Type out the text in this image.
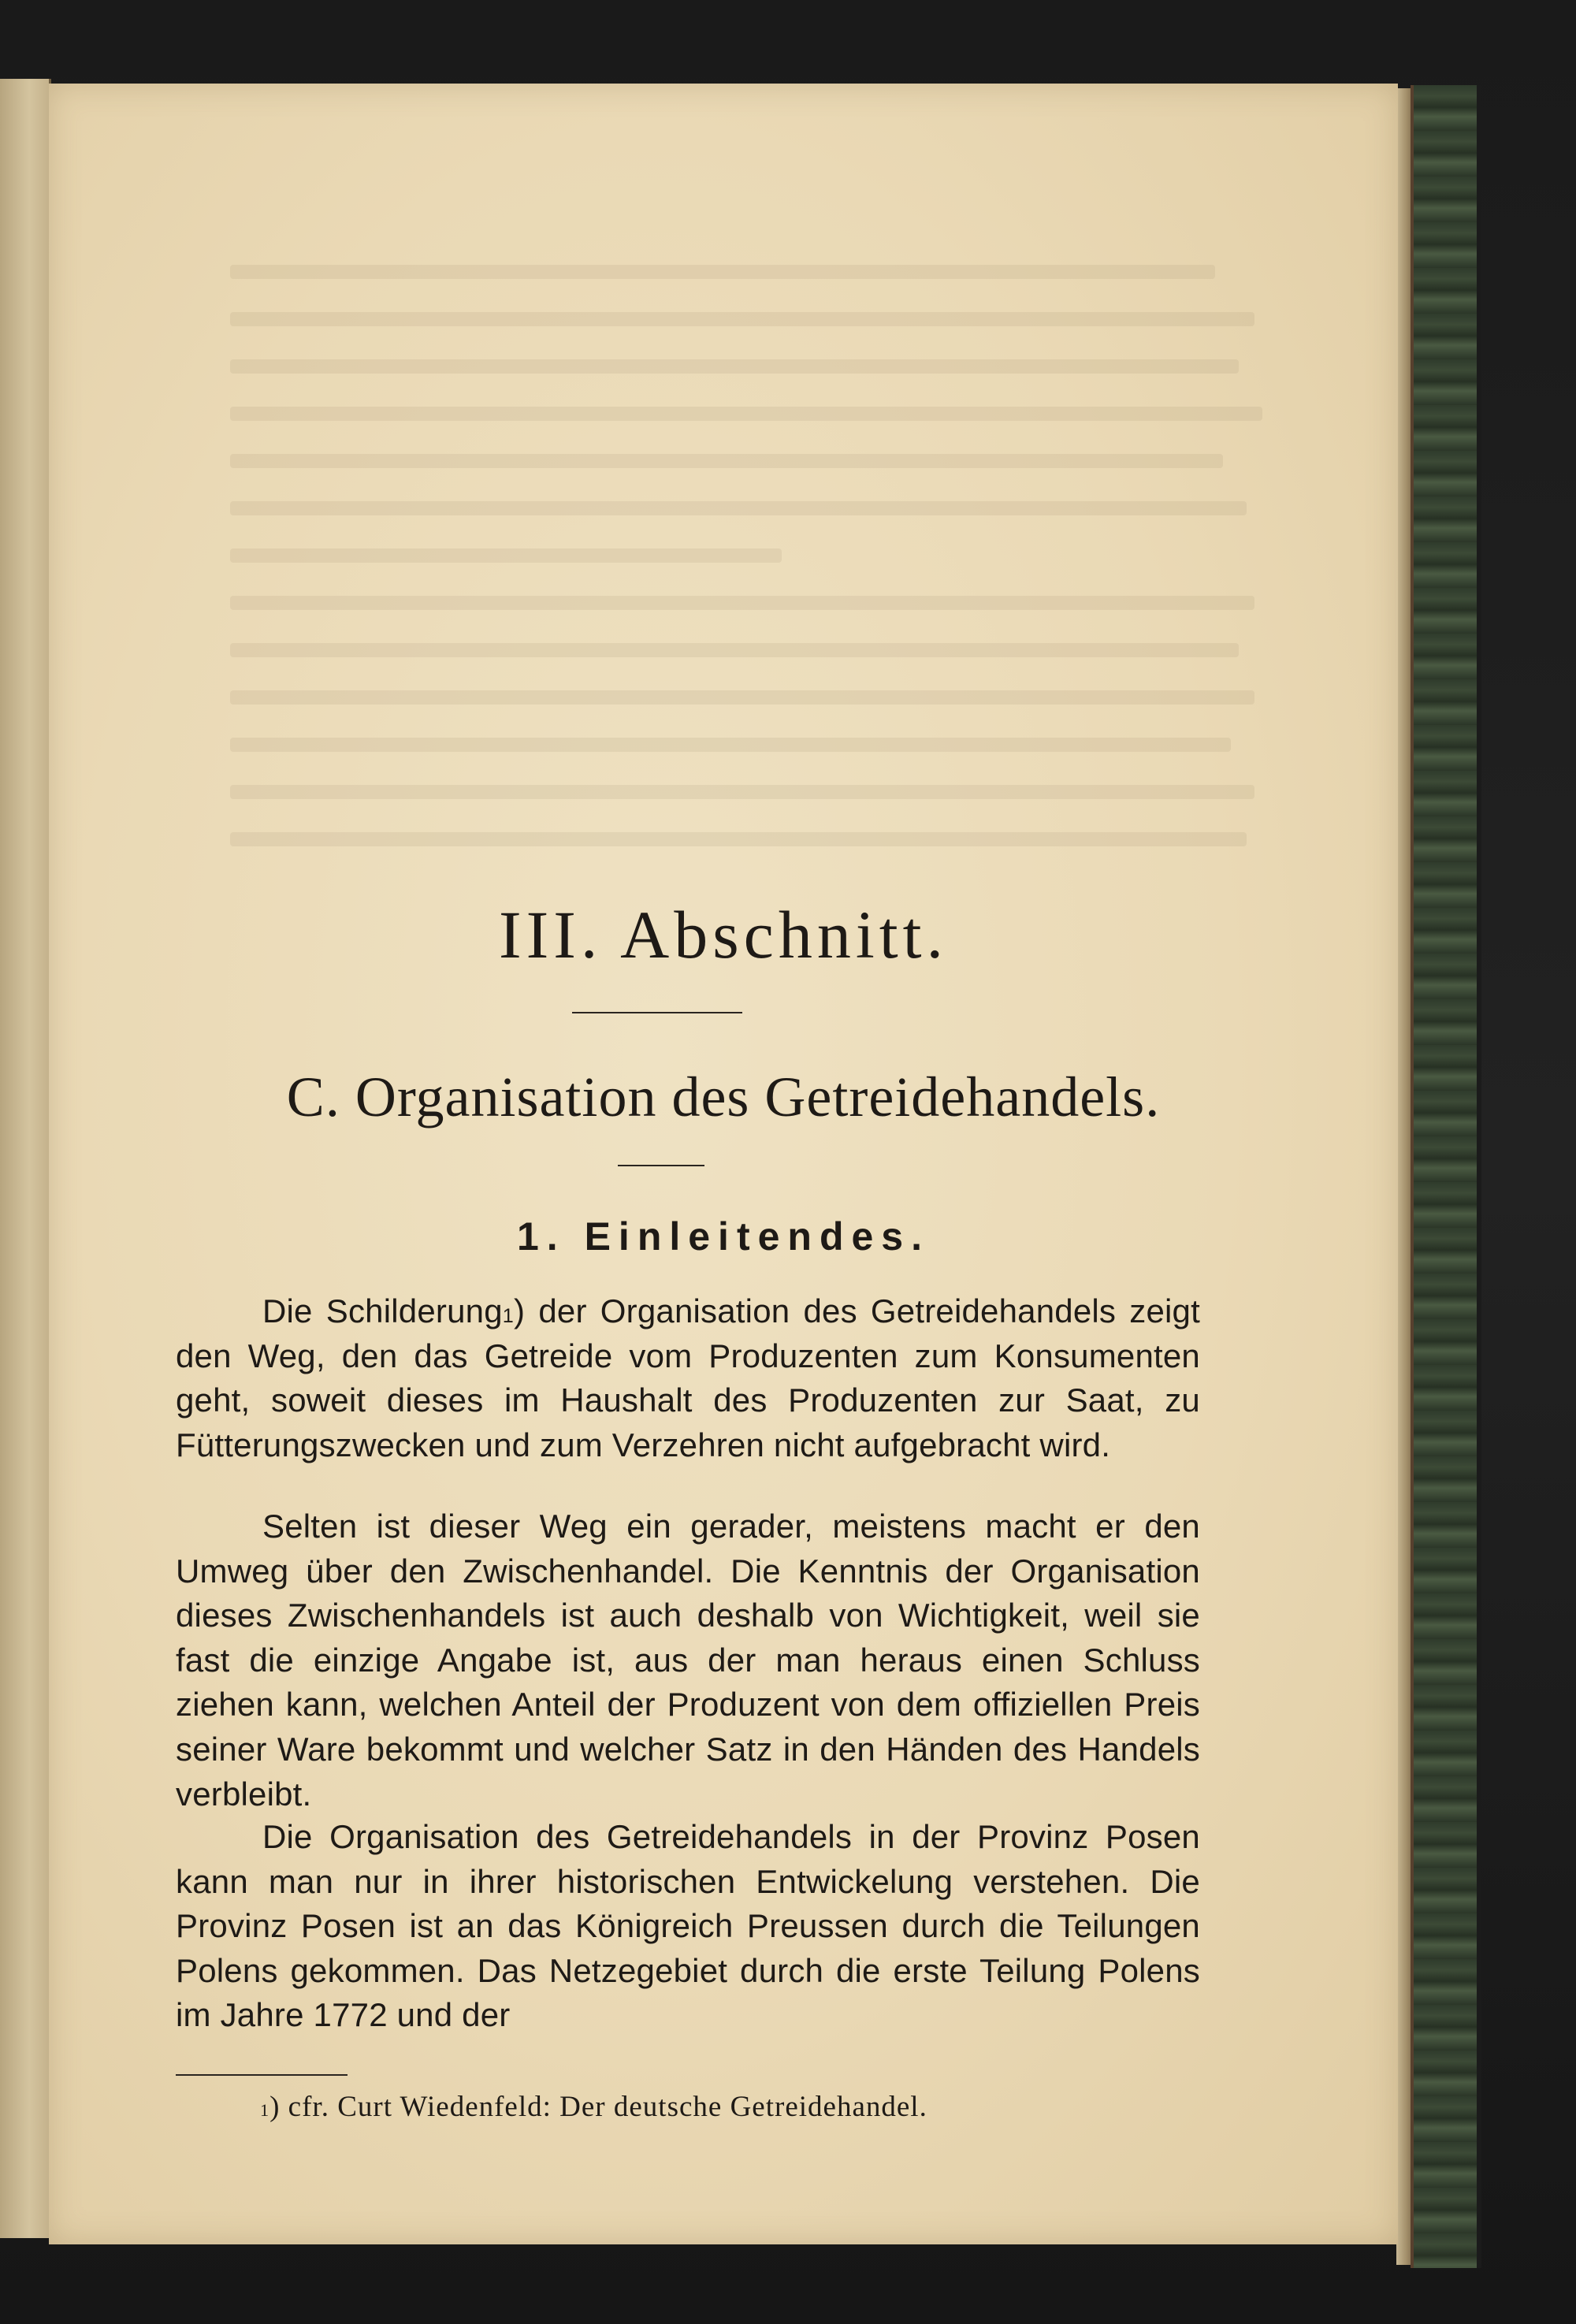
III. Abschnitt.
C. Organisation des Getreidehandels.
1. Einleitendes.
Die Schilderung$^1$) der Organisation des Getreidehandels zeigt den Weg, den das Getreide vom Produzenten zum Konsumenten geht, soweit dieses im Haushalt des Produzenten zur Saat, zu Fütterungszwecken und zum Verzehren nicht aufgebracht wird.
Selten ist dieser Weg ein gerader, meistens macht er den Umweg über den Zwischenhandel. Die Kenntnis der Organisation dieses Zwischenhandels ist auch deshalb von Wichtigkeit, weil sie fast die einzige Angabe ist, aus der man heraus einen Schluss ziehen kann, welchen Anteil der Produzent von dem offiziellen Preis seiner Ware bekommt und welcher Satz in den Händen des Handels verbleibt.
Die Organisation des Getreidehandels in der Provinz Posen kann man nur in ihrer historischen Entwickelung verstehen. Die Provinz Posen ist an das Königreich Preussen durch die Teilungen Polens gekommen. Das Netzegebiet durch die erste Teilung Polens im Jahre 1772 und der
$^1$) cfr. Curt Wiedenfeld: Der deutsche Getreidehandel.
